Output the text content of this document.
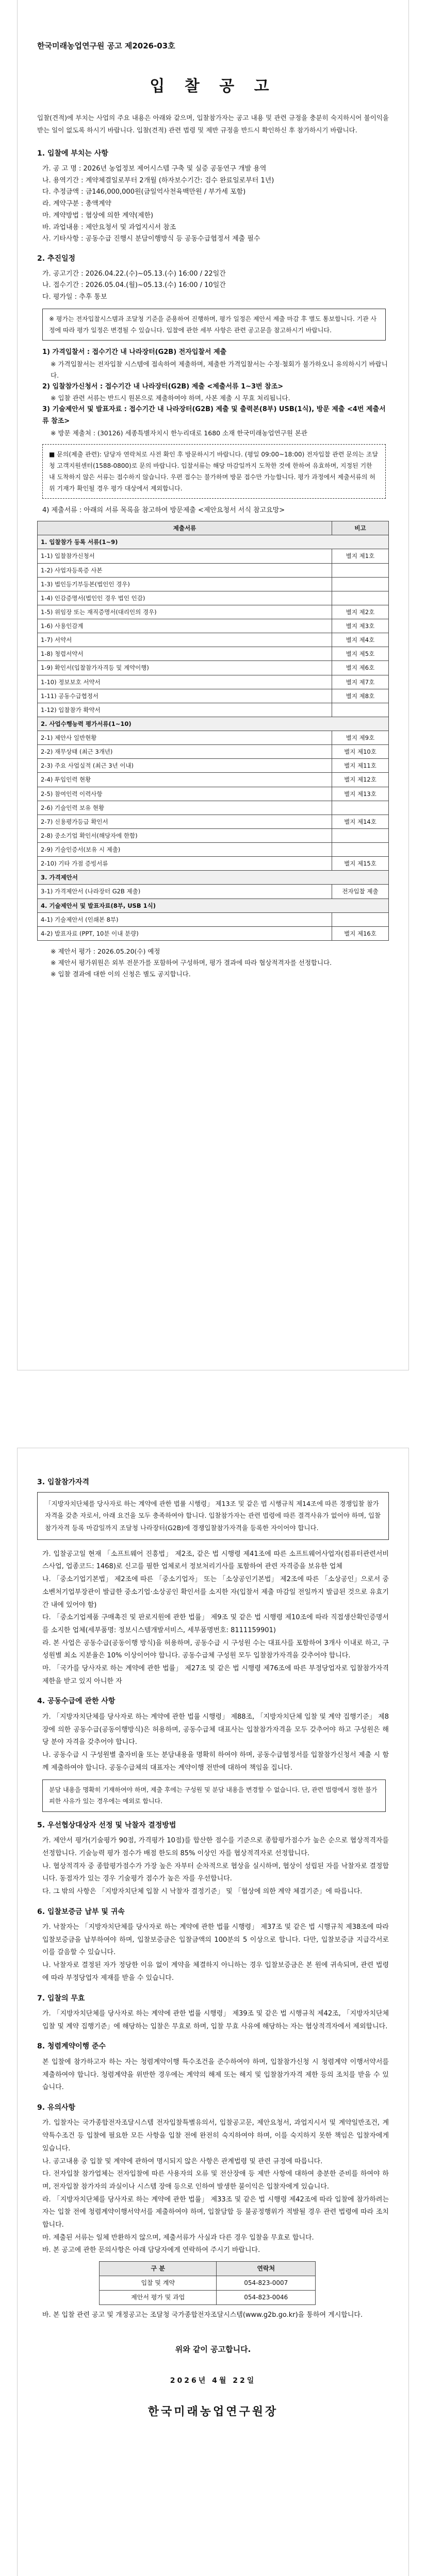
한국미래농업연구원 공고 제2026-03호
입 찰 공 고
입찰(견적)에 부치는 사업의 주요 내용은 아래와 같으며, 입찰참가자는 공고 내용 및 관련 규정을 충분히 숙지하시어 불이익을 받는 일이 없도록 하시기 바랍니다. 입찰(견적) 관련 법령 및 제반 규정을 반드시 확인하신 후 참가하시기 바랍니다.
1. 입찰에 부치는 사항
가. 공 고 명 : 2026년 농업정보 제어시스템 구축 및 실증 공동연구 개발 용역
나. 용역기간 : 계약체결일로부터 2개월 (하자보수기간: 검수 완료일로부터 1년)
다. 추정금액 : 금146,000,000원(금일억사천육백만원 / 부가세 포함)
라. 계약구분 : 총액계약
마. 계약방법 : 협상에 의한 계약(제한)
바. 과업내용 : 제안요청서 및 과업지시서 참조
사. 기타사항 : 공동수급 진행시 분담이행방식 등 공동수급협정서 제출 필수
2. 추진일정
가. 공고기간 : 2026.04.22.(수)~05.13.(수) 16:00 / 22일간
나. 접수기간 : 2026.05.04.(월)~05.13.(수) 16:00 / 10일간
다. 평가일 : 추후 통보
※ 평가는 전자입찰시스템과 조달청 기준을 준용하여 진행하며, 평가 일정은 제안서 제출 마감 후 별도 통보합니다. 기관 사정에 따라 평가 일정은 변경될 수 있습니다. 입찰에 관한 세부 사항은 관련 공고문을 참고하시기 바랍니다.
1) 가격입찰서 : 접수기간 내 나라장터(G2B) 전자입찰서 제출
※ 가격입찰서는 전자입찰 시스템에 접속하여 제출하며, 제출한 가격입찰서는 수정·철회가 불가하오니 유의하시기 바랍니다.
2) 입찰참가신청서 : 접수기간 내 나라장터(G2B) 제출 <제출서류 1~3번 참조>
※ 입찰 관련 서류는 반드시 원본으로 제출하여야 하며, 사본 제출 시 무효 처리됩니다.
3) 기술제안서 및 발표자료 : 접수기간 내 나라장터(G2B) 제출 및 출력본(8부) USB(1식), 방문 제출 <4번 제출서류 참조>
※ 방문 제출처 : (30126) 세종특별자치시 한누리대로 1680 소재 한국미래농업연구원 본관
■ 문의(제출 관련): 담당자 연락처로 사전 확인 후 방문하시기 바랍니다. (평일 09:00~18:00) 전자입찰 관련 문의는 조달청 고객지원센터(1588-0800)로 문의 바랍니다. 입찰서류는 해당 마감일까지 도착한 것에 한하여 유효하며, 지정된 기한 내 도착하지 않은 서류는 접수하지 않습니다. 우편 접수는 불가하며 방문 접수만 가능합니다. 평가 과정에서 제출서류의 허위 기재가 확인될 경우 평가 대상에서 제외합니다.
4) 제출서류 : 아래의 서류 목록을 참고하여 방문제출 <제안요청서 서식 참고요망>
제출서류	비고
1. 입찰참가 등록 서류(1~9)	
1-1) 입찰참가신청서	별지 제1호
1-2) 사업자등록증 사본	
1-3) 법인등기부등본(법인인 경우)	
1-4) 인감증명서(법인인 경우 법인 인감)	
1-5) 위임장 또는 재직증명서(대리인의 경우)	별지 제2호
1-6) 사용인감계	별지 제3호
1-7) 서약서	별지 제4호
1-8) 청렴서약서	별지 제5호
1-9) 확인서(입찰참가자격등 및 계약이행)	별지 제6호
1-10) 정보보호 서약서	별지 제7호
1-11) 공동수급협정서	별지 제8호
1-12) 입찰참가 확약서	
2. 사업수행능력 평가서류(1~10)	
2-1) 제안사 일반현황	별지 제9호
2-2) 재무상태 (최근 3개년)	별지 제10호
2-3) 주요 사업실적 (최근 3년 이내)	별지 제11호
2-4) 투입인력 현황	별지 제12호
2-5) 참여인력 이력사항	별지 제13호
2-6) 기술인력 보유 현황	
2-7) 신용평가등급 확인서	별지 제14호
2-8) 중소기업 확인서(해당자에 한함)	
2-9) 기술인증서(보유 시 제출)	
2-10) 기타 가점 증빙서류	별지 제15호
3. 가격제안서	
3-1) 가격제안서 (나라장터 G2B 제출)	전자입찰 제출
4. 기술제안서 및 발표자료(8부, USB 1식)	
4-1) 기술제안서 (인쇄본 8부)	
4-2) 발표자료 (PPT, 10분 이내 분량)	별지 제16호
※ 제안서 평가 : 2026.05.20(수) 예정
※ 제안서 평가위원은 외부 전문가를 포함하여 구성하며, 평가 결과에 따라 협상적격자를 선정합니다.
※ 입찰 결과에 대한 이의 신청은 별도 공지합니다.
3. 입찰참가자격
「지방자치단체를 당사자로 하는 계약에 관한 법률 시행령」 제13조 및 같은 법 시행규칙 제14조에 따른 경쟁입찰 참가자격을 갖춘 자로서, 아래 요건을 모두 충족하여야 합니다. 입찰참가자는 관련 법령에 따른 결격사유가 없어야 하며, 입찰참가자격 등록 마감일까지 조달청 나라장터(G2B)에 경쟁입찰참가자격을 등록한 자이어야 합니다.

가. 입찰공고일 현재 「소프트웨어 진흥법」 제2조, 같은 법 시행령 제41조에 따른 소프트웨어사업자(컴퓨터관련서비스사업, 업종코드: 1468)로 신고를 필한 업체로서 정보처리기사를 포함하여 관련 자격증을 보유한 업체

나. 「중소기업기본법」 제2조에 따른 「중소기업자」 또는 「소상공인기본법」 제2조에 따른 「소상공인」으로서 중소벤처기업부장관이 발급한 중소기업·소상공인 확인서를 소지한 자(입찰서 제출 마감일 전일까지 발급된 것으로 유효기간 내에 있어야 함)

다. 「중소기업제품 구매촉진 및 판로지원에 관한 법률」 제9조 및 같은 법 시행령 제10조에 따라 직접생산확인증명서를 소지한 업체(세부품명: 정보시스템개발서비스, 세부품명번호: 8111159901)

라. 본 사업은 공동수급(공동이행 방식)을 허용하며, 공동수급 시 구성원 수는 대표사를 포함하여 3개사 이내로 하고, 구성원별 최소 지분율은 10% 이상이어야 합니다. 공동수급체 구성원 모두 입찰참가자격을 갖추어야 합니다.

마. 「국가를 당사자로 하는 계약에 관한 법률」 제27조 및 같은 법 시행령 제76조에 따른 부정당업자로 입찰참가자격 제한을 받고 있지 아니한 자

4. 공동수급에 관한 사항

가. 「지방자치단체를 당사자로 하는 계약에 관한 법률 시행령」 제88조, 「지방자치단체 입찰 및 계약 집행기준」 제8장에 의한 공동수급(공동이행방식)은 허용하며, 공동수급체 대표사는 입찰참가자격을 모두 갖추어야 하고 구성원은 해당 분야 자격을 갖추어야 합니다.

나. 공동수급 시 구성원별 출자비율 또는 분담내용을 명확히 하여야 하며, 공동수급협정서를 입찰참가신청서 제출 시 함께 제출하여야 합니다. 공동수급체의 대표자는 계약이행 전반에 대하여 책임을 집니다.

분담 내용을 명확히 기재하여야 하며, 제출 후에는 구성원 및 분담 내용을 변경할 수 없습니다. 단, 관련 법령에서 정한 불가피한 사유가 있는 경우에는 예외로 합니다.
5. 우선협상대상자 선정 및 낙찰자 결정방법

가. 제안서 평가(기술평가 90점, 가격평가 10점)를 합산한 점수를 기준으로 종합평가점수가 높은 순으로 협상적격자를 선정합니다. 기술능력 평가 점수가 배점 한도의 85% 이상인 자를 협상적격자로 선정합니다.

나. 협상적격자 중 종합평가점수가 가장 높은 자부터 순차적으로 협상을 실시하며, 협상이 성립된 자를 낙찰자로 결정합니다. 동점자가 있는 경우 기술평가 점수가 높은 자를 우선합니다.

다. 그 밖의 사항은 「지방자치단체 입찰 시 낙찰자 결정기준」 및 「협상에 의한 계약 체결기준」에 따릅니다.

6. 입찰보증금 납부 및 귀속

가. 낙찰자는 「지방자치단체를 당사자로 하는 계약에 관한 법률 시행령」 제37조 및 같은 법 시행규칙 제38조에 따라 입찰보증금을 납부하여야 하며, 입찰보증금은 입찰금액의 100분의 5 이상으로 합니다. 다만, 입찰보증금 지급각서로 이를 갈음할 수 있습니다.

나. 낙찰자로 결정된 자가 정당한 이유 없이 계약을 체결하지 아니하는 경우 입찰보증금은 본 원에 귀속되며, 관련 법령에 따라 부정당업자 제재를 받을 수 있습니다.

7. 입찰의 무효

가. 「지방자치단체를 당사자로 하는 계약에 관한 법률 시행령」 제39조 및 같은 법 시행규칙 제42조, 「지방자치단체 입찰 및 계약 집행기준」에 해당하는 입찰은 무효로 하며, 입찰 무효 사유에 해당하는 자는 협상적격자에서 제외합니다.

8. 청렴계약이행 준수

본 입찰에 참가하고자 하는 자는 청렴계약이행 특수조건을 준수하여야 하며, 입찰참가신청 시 청렴계약 이행서약서를 제출하여야 합니다. 청렴계약을 위반한 경우에는 계약의 해제 또는 해지 및 입찰참가자격 제한 등의 조치를 받을 수 있습니다.

9. 유의사항

가. 입찰자는 국가종합전자조달시스템 전자입찰특별유의서, 입찰공고문, 제안요청서, 과업지시서 및 계약일반조건, 계약특수조건 등 입찰에 필요한 모든 사항을 입찰 전에 완전히 숙지하여야 하며, 이를 숙지하지 못한 책임은 입찰자에게 있습니다.

나. 공고내용 중 입찰 및 계약에 관하여 명시되지 않은 사항은 관계법령 및 관련 규정에 따릅니다.

다. 전자입찰 참가업체는 전자입찰에 따른 사용자의 오류 및 전산장애 등 제반 사항에 대하여 충분한 준비를 하여야 하며, 전자입찰 참가자의 과실이나 시스템 장애 등으로 인하여 발생한 불이익은 입찰자에게 있습니다.

라. 「지방자치단체를 당사자로 하는 계약에 관한 법률」 제33조 및 같은 법 시행령 제42조에 따라 입찰에 참가하려는 자는 입찰 전에 청렴계약이행서약서를 제출하여야 하며, 입찰담합 등 불공정행위가 적발될 경우 관련 법령에 따라 조치합니다.

마. 제출된 서류는 일체 반환하지 않으며, 제출서류가 사실과 다른 경우 입찰을 무효로 합니다.

바. 본 공고에 관한 문의사항은 아래 담당자에게 연락하여 주시기 바랍니다.

구 분	연락처
입찰 및 계약	054-823-0007
제안서 평가 및 과업	054-823-0046

바. 본 입찰 관련 공고 및 개정공고는 조달청 국가종합전자조달시스템(www.g2b.go.kr)을 통하여 게시합니다.

위와 같이 공고합니다.
2026년 4월 22일
한국미래농업연구원장
